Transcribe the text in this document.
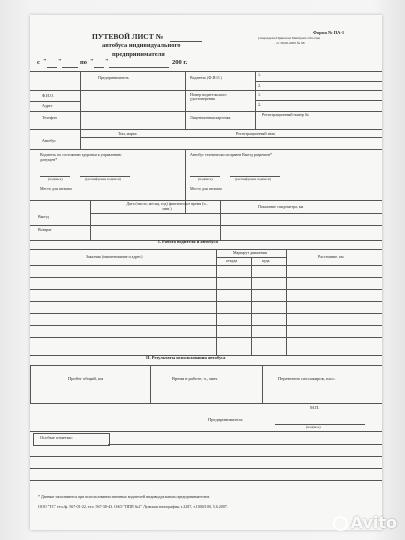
ПУТЕВОЙ ЛИСТ №
автобуса индивидуального
предпринимателя
Форма № ПА-1
утверждена Приказом Минтранса России
от 30.06.2000 № 68
с " "	по " "	200 г.
Предприниматель	Водитель (Ф.И.О.)
1.
2.
Ф.И.О.	Номер водительского удостоверения
1.
Адрес	2.
Телефон	Лицензионная карточка
Регистрационный номер №
Тип, марка	Регистрационный знак
Автобус
Водитель по состоянию здоровья к управлению допущен*
Автобус технически исправен Выезд разрешен*
(подпись)	(расшифровка подписи)	(подпись)	(расшифровка подписи)
Место для штампа	Место для штампа
Дата (число, месяц, год) фактическое время (ч., мин.)	Показание спидометра, км
Выезд
Возврат
I. Работа водителя и автобуса
Заказчик (наименование и адрес)
Маршрут движения
откуда	куда
Расстояние, км
II. Результаты использования автобуса
Пробег общий, км	Время в работе, ч., мин.	Перевезено пассажиров, пасс.
М.П.
Предприниматель
(подпись)
Особые отметки:
* Данные заполняются при использовании наемных водителей индивидуальным предпринимателем.
ООО "ТС" тел./ф. 567-01-22, тел. 567-38-43. ОАО "ППП №1" Лужская типография, з.2287, т.1000/100, 5.6.2007.
Avito
